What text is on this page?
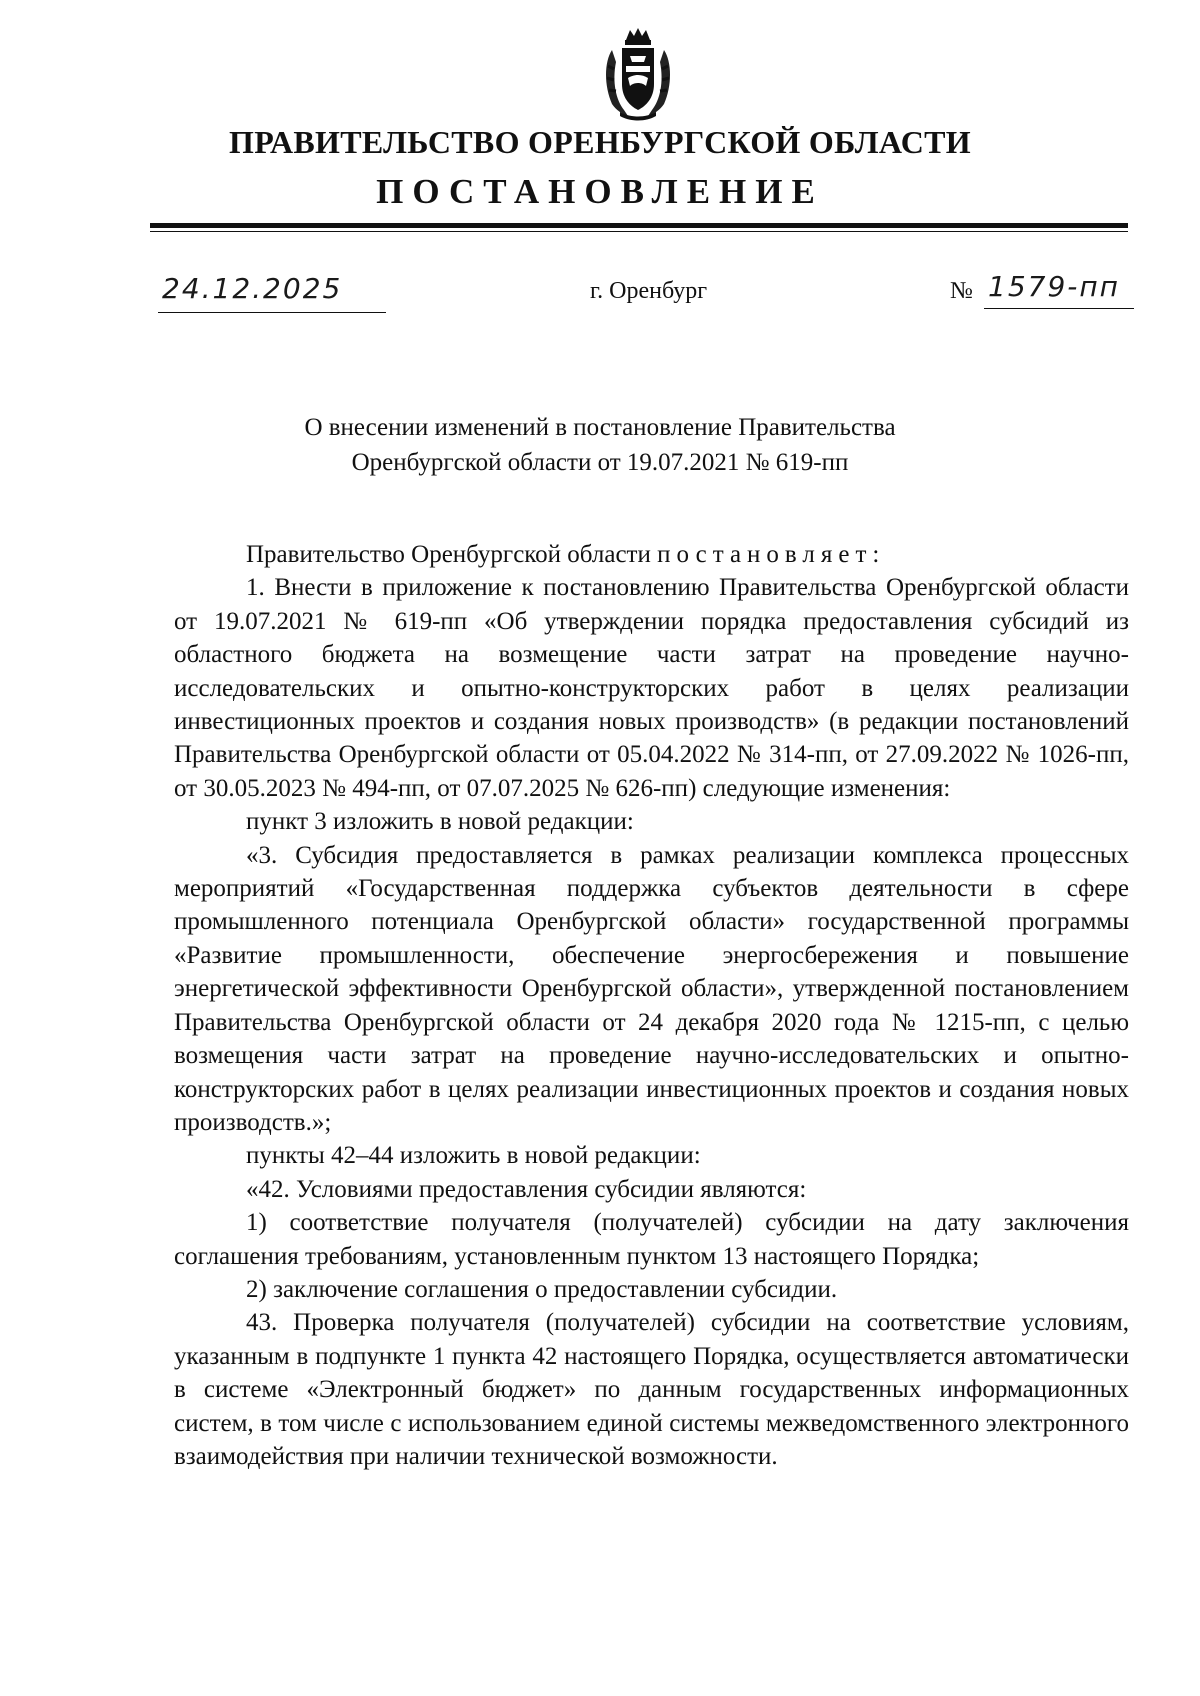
ПРАВИТЕЛЬСТВО ОРЕНБУРГСКОЙ ОБЛАСТИ
ПОСТАНОВЛЕНИЕ
24.12.2025	г. Оренбург	№ 1579-пп
О внесении изменений в постановление Правительства
Оренбургской области от 19.07.2021 № 619-пп

Правительство Оренбургской области постановляет:

1. Внести в приложение к постановлению Правительства Оренбургской области от 19.07.2021 № 619-пп «Об утверждении порядка предоставления субсидий из областного бюджета на возмещение части затрат на проведение научно-исследовательских и опытно-конструкторских работ в целях реализации инвестиционных проектов и создания новых производств» (в редакции постановлений Правительства Оренбургской области от 05.04.2022 № 314-пп, от 27.09.2022 № 1026-пп, от 30.05.2023 № 494-пп, от 07.07.2025 № 626-пп) следующие изменения:

пункт 3 изложить в новой редакции:

«3. Субсидия предоставляется в рамках реализации комплекса процессных мероприятий «Государственная поддержка субъектов деятельности в сфере промышленного потенциала Оренбургской области» государственной программы «Развитие промышленности, обеспечение энергосбережения и повышение энергетической эффективности Оренбургской области», утвержденной постановлением Правительства Оренбургской области от 24 декабря 2020 года № 1215-пп, с целью возмещения части затрат на проведение научно-исследовательских и опытно-конструкторских работ в целях реализации инвестиционных проектов и создания новых производств.»;

пункты 42–44 изложить в новой редакции:

«42. Условиями предоставления субсидии являются:

1) соответствие получателя (получателей) субсидии на дату заключения соглашения требованиям, установленным пунктом 13 настоящего Порядка;

2) заключение соглашения о предоставлении субсидии.

43. Проверка получателя (получателей) субсидии на соответствие условиям, указанным в подпункте 1 пункта 42 настоящего Порядка, осуществляется автоматически в системе «Электронный бюджет» по данным государственных информационных систем, в том числе с использованием единой системы межведомственного электронного взаимодействия при наличии технической возможности.
